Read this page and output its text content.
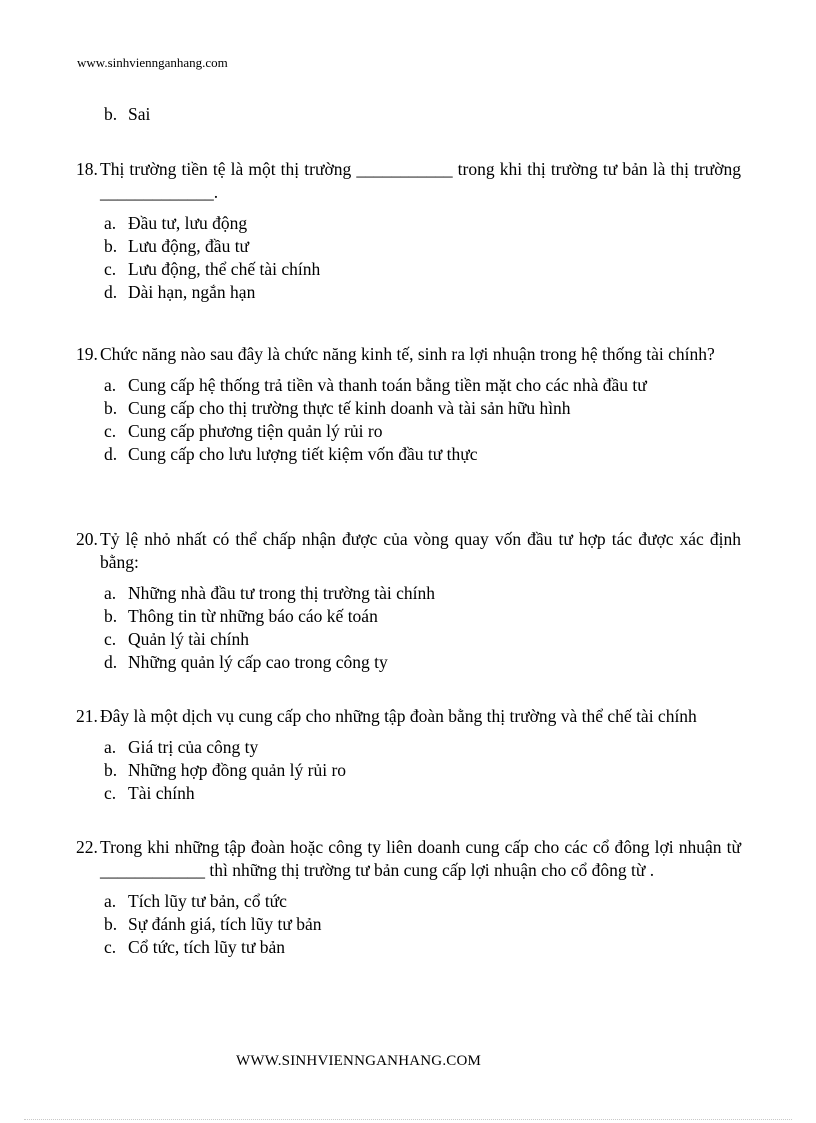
www.sinhviennganhang.com
b. Sai
18. Thị trường tiền tệ là một thị trường ___________ trong khi thị trường tư bản là thị trường _____________.
a. Đầu tư, lưu động
b. Lưu động, đầu tư
c. Lưu động, thể chế tài chính
d. Dài hạn, ngắn hạn
19. Chức năng nào sau đây là chức năng kinh tế, sinh ra lợi nhuận trong hệ thống tài chính?
a. Cung cấp hệ thống trả tiền và thanh toán bằng tiền mặt cho các nhà đầu tư
b. Cung cấp cho thị trường thực tế kinh doanh và tài sản hữu hình
c. Cung cấp phương tiện quản lý rủi ro
d. Cung cấp cho lưu lượng tiết kiệm vốn đầu tư thực
20. Tỷ lệ nhỏ nhất có thể chấp nhận được của vòng quay vốn đầu tư hợp tác được xác định bằng:
a. Những nhà đầu tư trong thị trường tài chính
b. Thông tin từ những báo cáo kế toán
c. Quản lý tài chính
d. Những quản lý cấp cao trong công ty
21. Đây là một dịch vụ cung cấp cho những tập đoàn bằng thị trường và thể chế tài chính
a. Giá trị của công ty
b. Những hợp đồng quản lý rủi ro
c. Tài chính
22. Trong khi những tập đoàn hoặc công ty liên doanh cung cấp cho các cổ đông lợi nhuận từ ____________ thì những thị trường tư bản cung cấp lợi nhuận cho cổ đông từ .
a. Tích lũy tư bản, cổ tức
b. Sự đánh giá, tích lũy tư bản
c. Cổ tức, tích lũy tư bản
WWW.SINHVIENNGANHANG.COM
